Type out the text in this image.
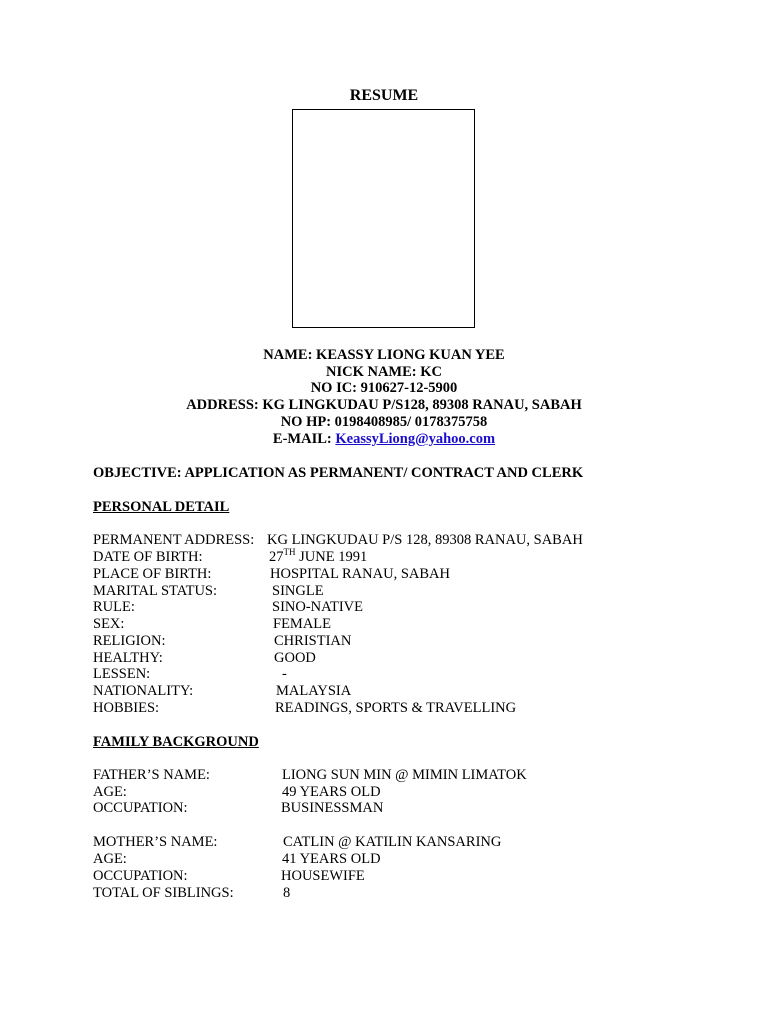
RESUME
NAME: KEASSY LIONG KUAN YEE
NICK NAME: KC
NO IC: 910627-12-5900
ADDRESS: KG LINGKUDAU P/S128, 89308 RANAU, SABAH
NO HP: 0198408985/ 0178375758
E-MAIL: KeassyLiong@yahoo.com
OBJECTIVE: APPLICATION AS PERMANENT/ CONTRACT AND CLERK
PERSONAL DETAIL
PERMANENT ADDRESS: KG LINGKUDAU P/S 128, 89308 RANAU, SABAH
DATE OF BIRTH:	27TH JUNE 1991
PLACE OF BIRTH:	HOSPITAL RANAU, SABAH
MARITAL STATUS:	SINGLE
RULE:	SINO-NATIVE
SEX:	FEMALE
RELIGION:	CHRISTIAN
HEALTHY:	GOOD
LESSEN:	-
NATIONALITY:	MALAYSIA
HOBBIES:	READINGS, SPORTS & TRAVELLING
FAMILY BACKGROUND
FATHER’S NAME:	LIONG SUN MIN @ MIMIN LIMATOK
AGE:	49 YEARS OLD
OCCUPATION:	BUSINESSMAN
MOTHER’S NAME:	CATLIN @ KATILIN KANSARING
AGE:	41 YEARS OLD
OCCUPATION:	HOUSEWIFE
TOTAL OF SIBLINGS:	8
